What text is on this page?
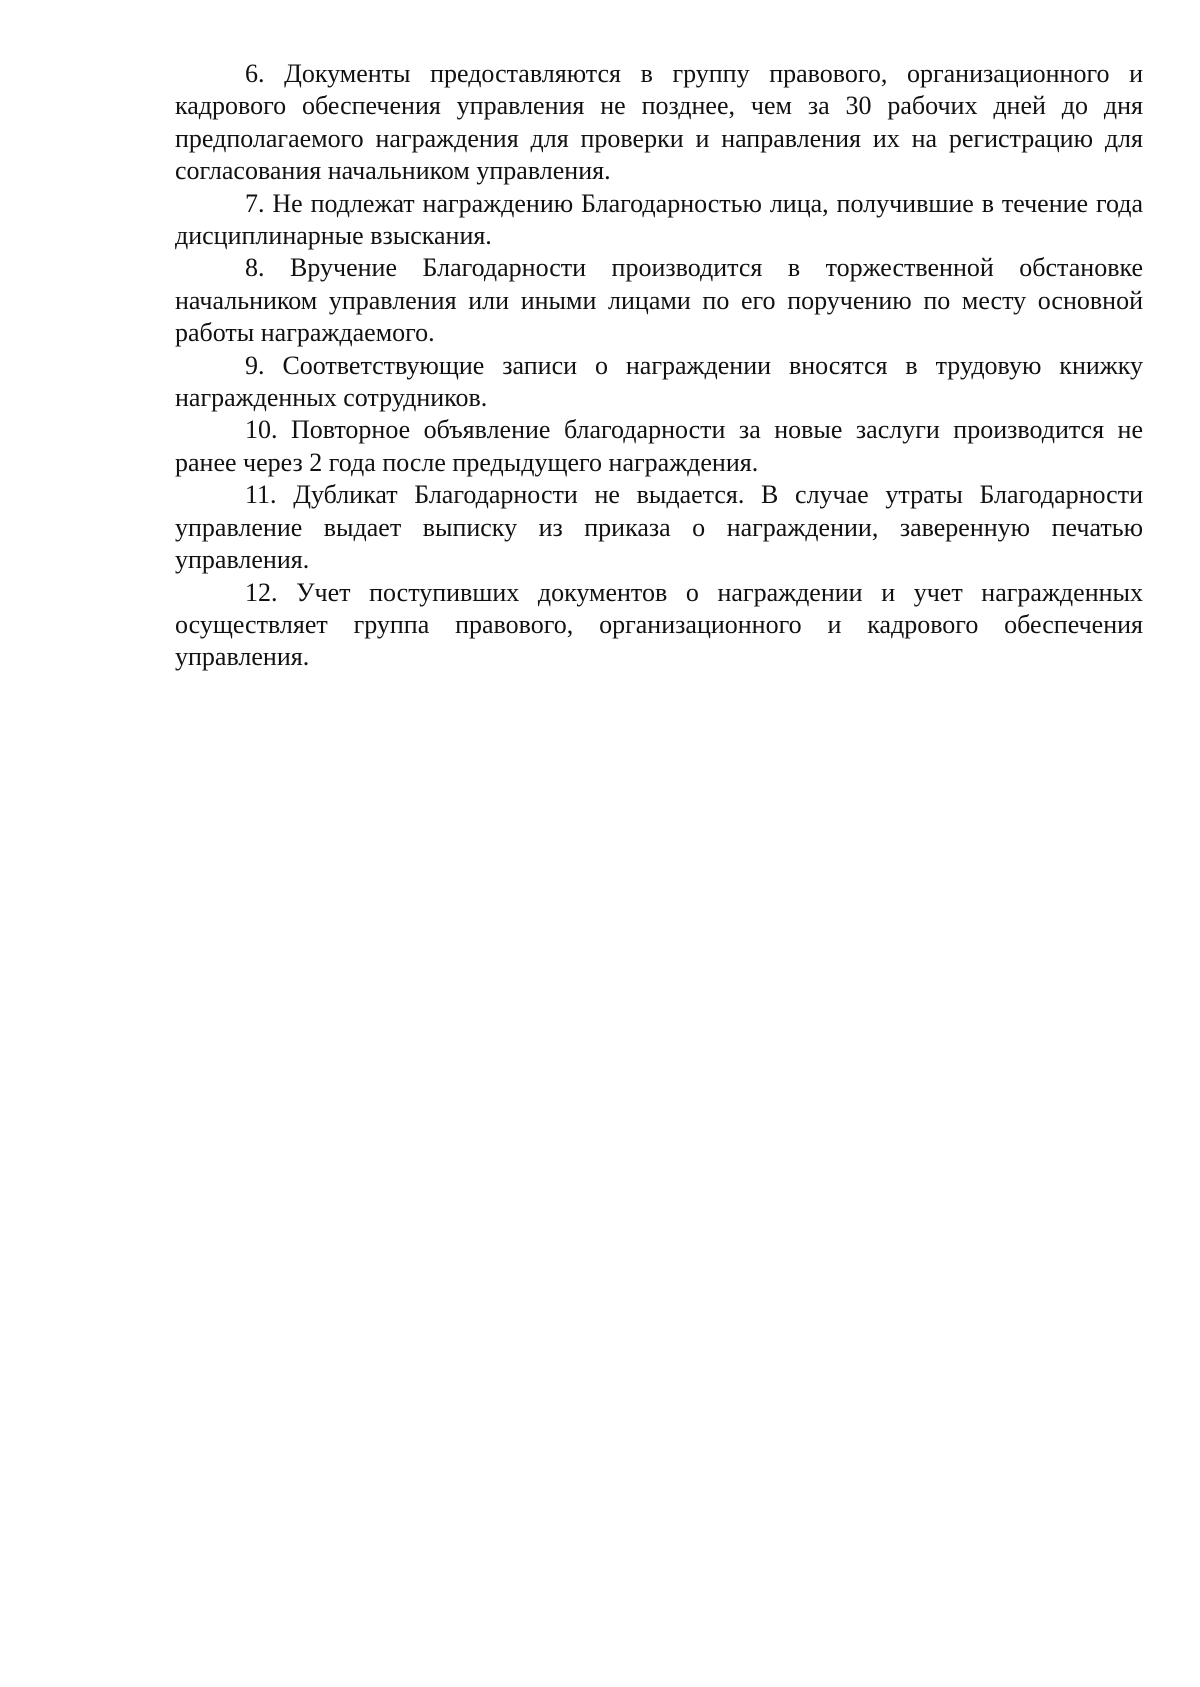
6. Документы предоставляются в группу правового, организационного и кадрового обеспечения управления не позднее, чем за 30 рабочих дней до дня предполагаемого награждения для проверки и направления их на регистрацию для согласования начальником управления.

7. Не подлежат награждению Благодарностью лица, получившие в течение года дисциплинарные взыскания.

8. Вручение Благодарности производится в торжественной обстановке начальником управления или иными лицами по его поручению по месту основной работы награждаемого.

9. Соответствующие записи о награждении вносятся в трудовую книжку награжденных сотрудников.

10. Повторное объявление благодарности за новые заслуги производится не ранее через 2 года после предыдущего награждения.

11. Дубликат Благодарности не выдается. В случае утраты Благодарности управление выдает выписку из приказа о награждении, заверенную печатью управления.

12. Учет поступивших документов о награждении и учет награжденных осуществляет группа правового, организационного и кадрового обеспечения управления.
